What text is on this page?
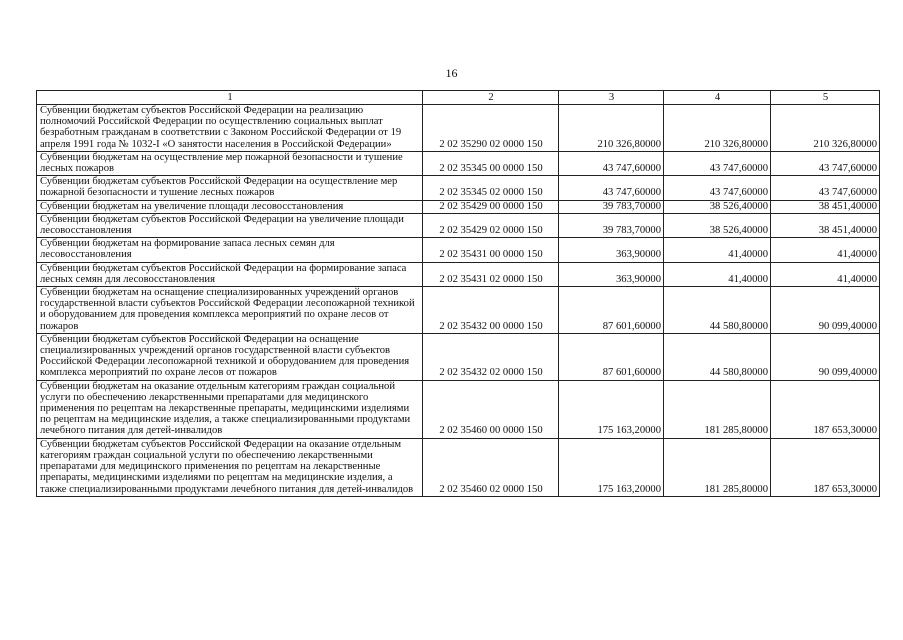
16
1	2	3	4	5
Субвенции бюджетам субъектов Российской Федерации на реализацию полномочий Российской Федерации по осуществлению социальных выплат безработным гражданам в соответствии с Законом Российской Федерации от 19 апреля 1991 года № 1032-I «О занятости населения в Российской Федерации»	2 02 35290 02 0000 150	210 326,80000	210 326,80000	210 326,80000
Субвенции бюджетам на осуществление мер пожарной безопасности и тушение лесных пожаров	2 02 35345 00 0000 150	43 747,60000	43 747,60000	43 747,60000
Субвенции бюджетам субъектов Российской Федерации на осуществление мер пожарной безопасности и тушение лесных пожаров	2 02 35345 02 0000 150	43 747,60000	43 747,60000	43 747,60000
Субвенции бюджетам на увеличение площади лесовосстановления	2 02 35429 00 0000 150	39 783,70000	38 526,40000	38 451,40000
Субвенции бюджетам субъектов Российской Федерации на увеличение площади лесовосстановления	2 02 35429 02 0000 150	39 783,70000	38 526,40000	38 451,40000
Субвенции бюджетам на формирование запаса лесных семян для лесовосстановления	2 02 35431 00 0000 150	363,90000	41,40000	41,40000
Субвенции бюджетам субъектов Российской Федерации на формирование запаса лесных семян для лесовосстановления	2 02 35431 02 0000 150	363,90000	41,40000	41,40000
Субвенции бюджетам на оснащение специализированных учреждений органов государственной власти субъектов Российской Федерации лесопожарной техникой и оборудованием для проведения комплекса мероприятий по охране лесов от пожаров	2 02 35432 00 0000 150	87 601,60000	44 580,80000	90 099,40000
Субвенции бюджетам субъектов Российской Федерации на оснащение специализированных учреждений органов государственной власти субъектов Российской Федерации лесопожарной техникой и оборудованием для проведения комплекса мероприятий по охране лесов от пожаров	2 02 35432 02 0000 150	87 601,60000	44 580,80000	90 099,40000
Субвенции бюджетам на оказание отдельным категориям граждан социальной услуги по обеспечению лекарственными препаратами для медицинского применения по рецептам на лекарственные препараты, медицинскими изделиями по рецептам на медицинские изделия, а также специализированными продуктами лечебного питания для детей-инвалидов	2 02 35460 00 0000 150	175 163,20000	181 285,80000	187 653,30000
Субвенции бюджетам субъектов Российской Федерации на оказание отдельным категориям граждан социальной услуги по обеспечению лекарственными препаратами для медицинского применения по рецептам на лекарственные препараты, медицинскими изделиями по рецептам на медицинские изделия, а также специализированными продуктами лечебного питания для детей-инвалидов	2 02 35460 02 0000 150	175 163,20000	181 285,80000	187 653,30000
